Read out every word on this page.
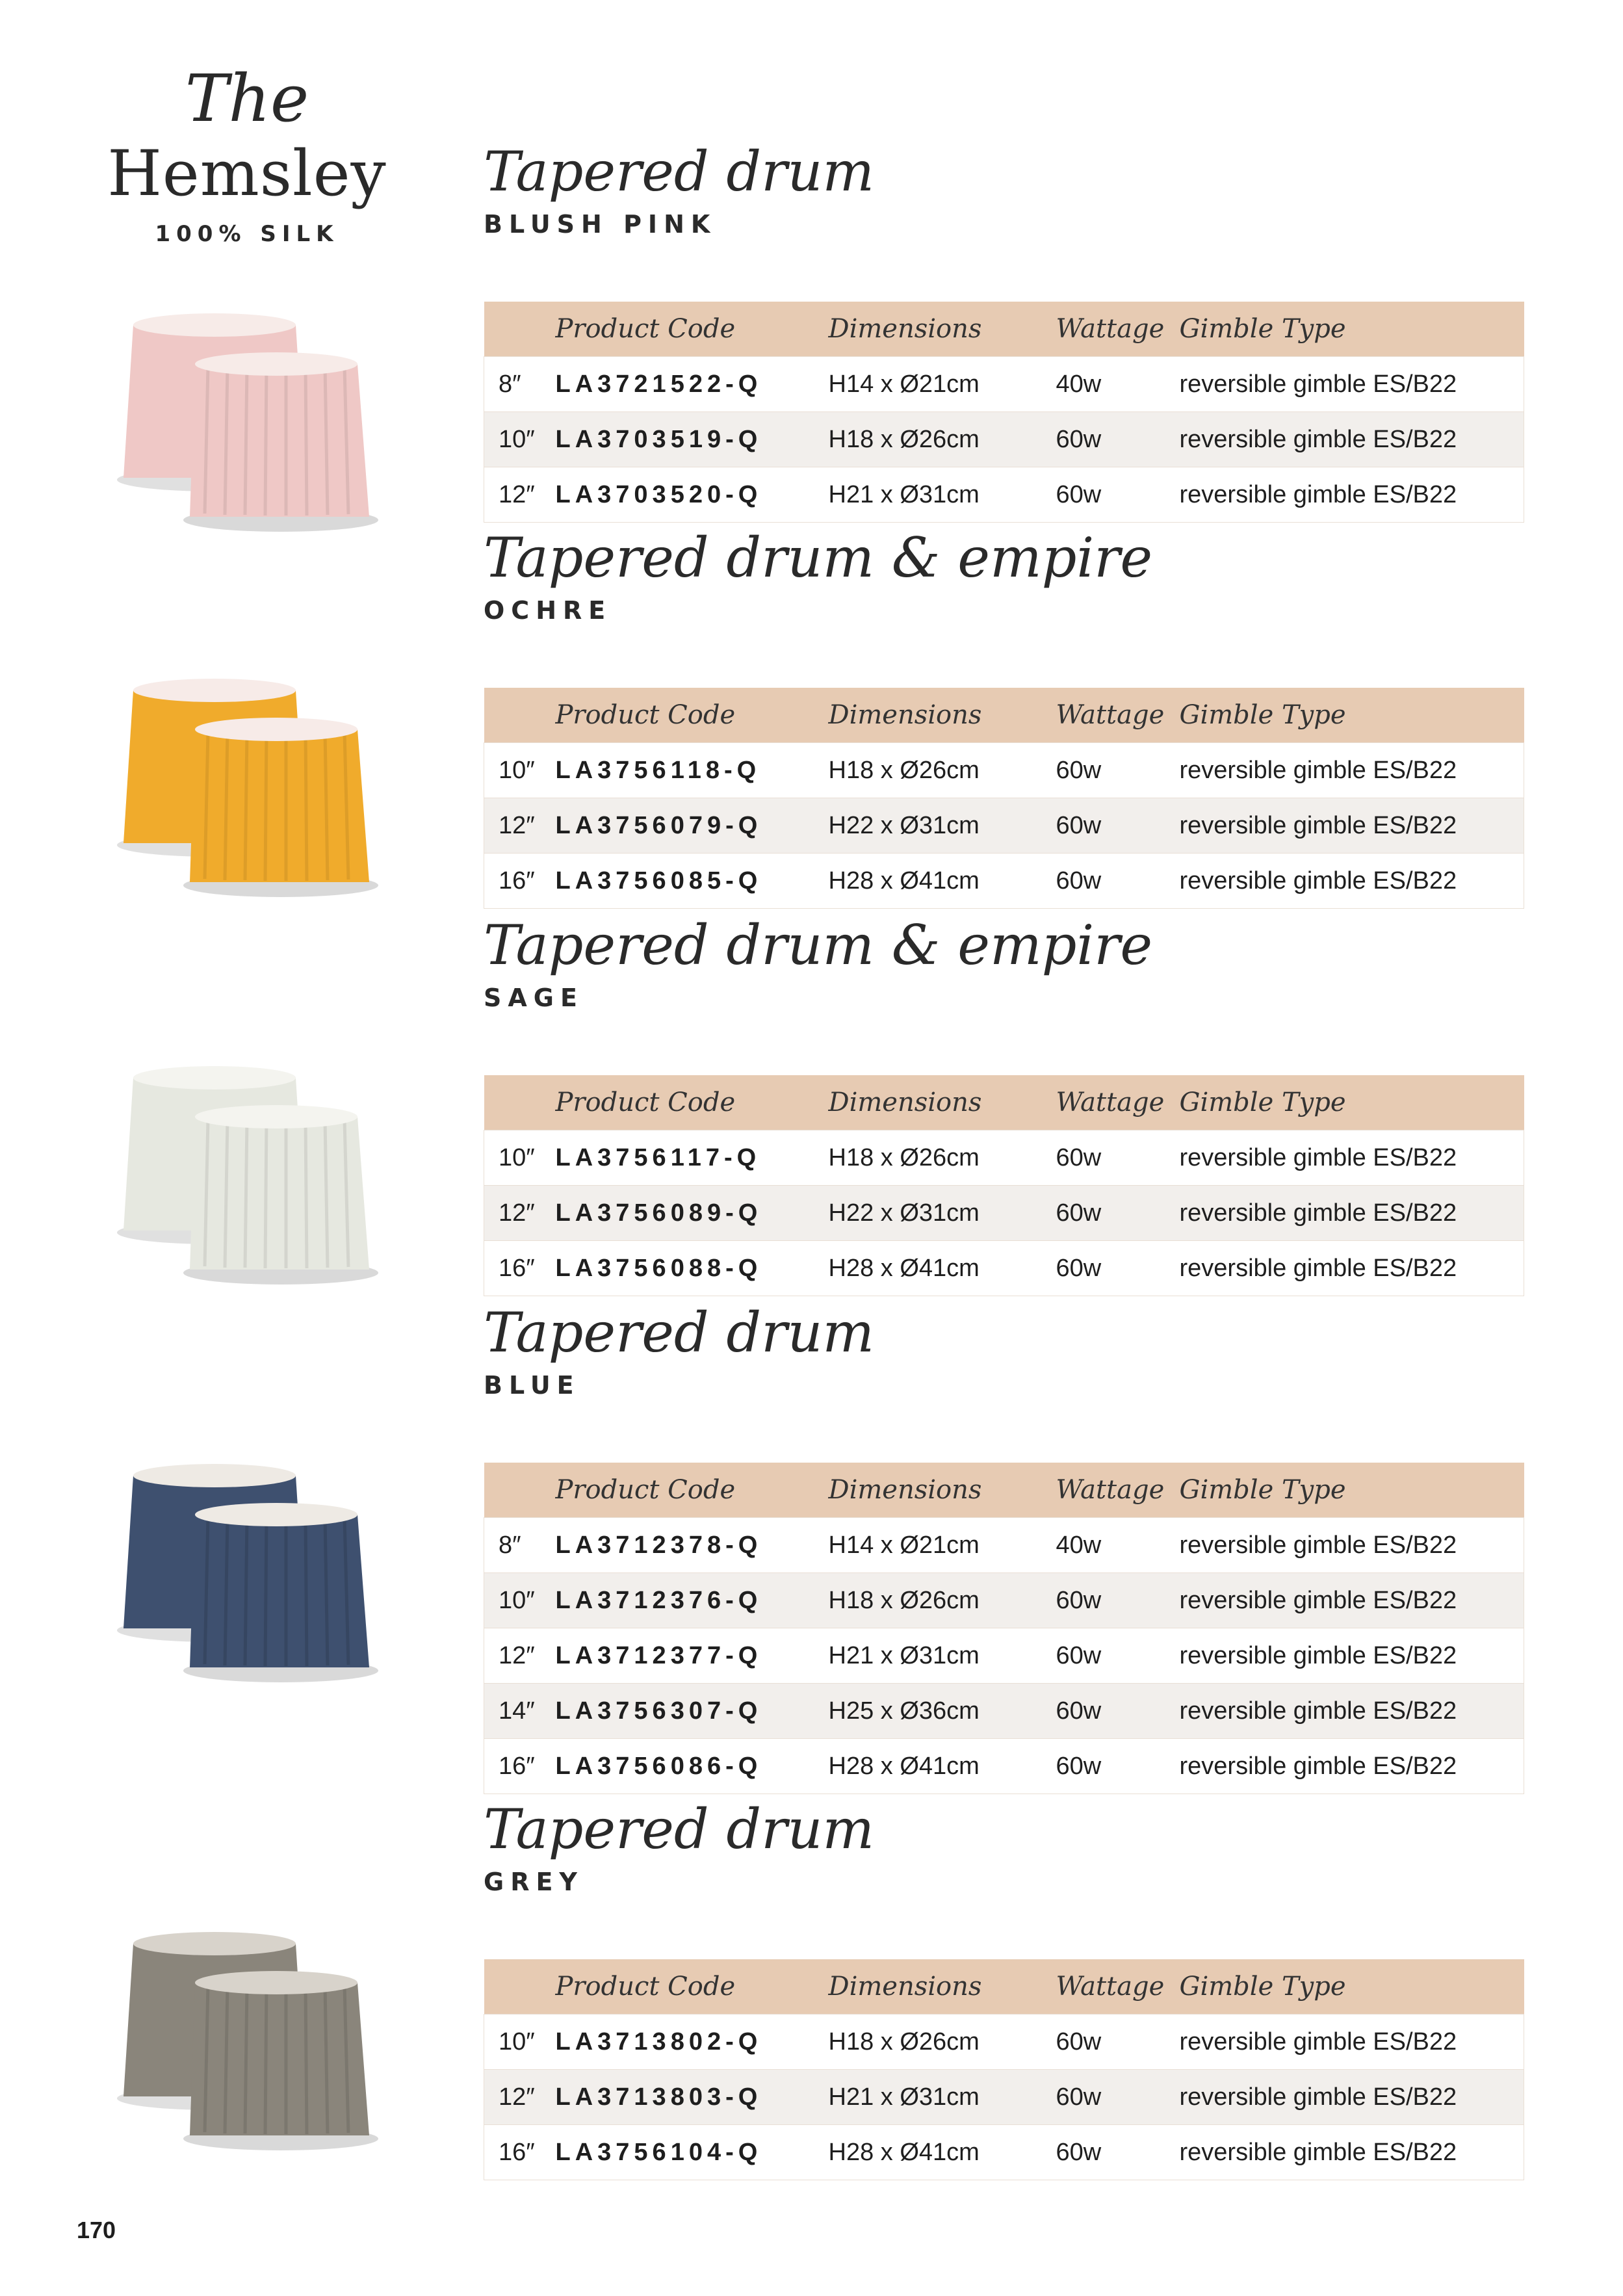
The
Hemsley
100% SILK
Tapered drum
BLUSH PINK
	Product Code	Dimensions	Wattage	Gimble Type
8″	LA3721522-Q	H14 x Ø21cm	40w	reversible gimble ES/B22
10″	LA3703519-Q	H18 x Ø26cm	60w	reversible gimble ES/B22
12″	LA3703520-Q	H21 x Ø31cm	60w	reversible gimble ES/B22
Tapered drum & empire
OCHRE
	Product Code	Dimensions	Wattage	Gimble Type
10″	LA3756118-Q	H18 x Ø26cm	60w	reversible gimble ES/B22
12″	LA3756079-Q	H22 x Ø31cm	60w	reversible gimble ES/B22
16″	LA3756085-Q	H28 x Ø41cm	60w	reversible gimble ES/B22
Tapered drum & empire
SAGE
	Product Code	Dimensions	Wattage	Gimble Type
10″	LA3756117-Q	H18 x Ø26cm	60w	reversible gimble ES/B22
12″	LA3756089-Q	H22 x Ø31cm	60w	reversible gimble ES/B22
16″	LA3756088-Q	H28 x Ø41cm	60w	reversible gimble ES/B22
Tapered drum
BLUE
	Product Code	Dimensions	Wattage	Gimble Type
8″	LA3712378-Q	H14 x Ø21cm	40w	reversible gimble ES/B22
10″	LA3712376-Q	H18 x Ø26cm	60w	reversible gimble ES/B22
12″	LA3712377-Q	H21 x Ø31cm	60w	reversible gimble ES/B22
14″	LA3756307-Q	H25 x Ø36cm	60w	reversible gimble ES/B22
16″	LA3756086-Q	H28 x Ø41cm	60w	reversible gimble ES/B22
Tapered drum
GREY
	Product Code	Dimensions	Wattage	Gimble Type
10″	LA3713802-Q	H18 x Ø26cm	60w	reversible gimble ES/B22
12″	LA3713803-Q	H21 x Ø31cm	60w	reversible gimble ES/B22
16″	LA3756104-Q	H28 x Ø41cm	60w	reversible gimble ES/B22
170
